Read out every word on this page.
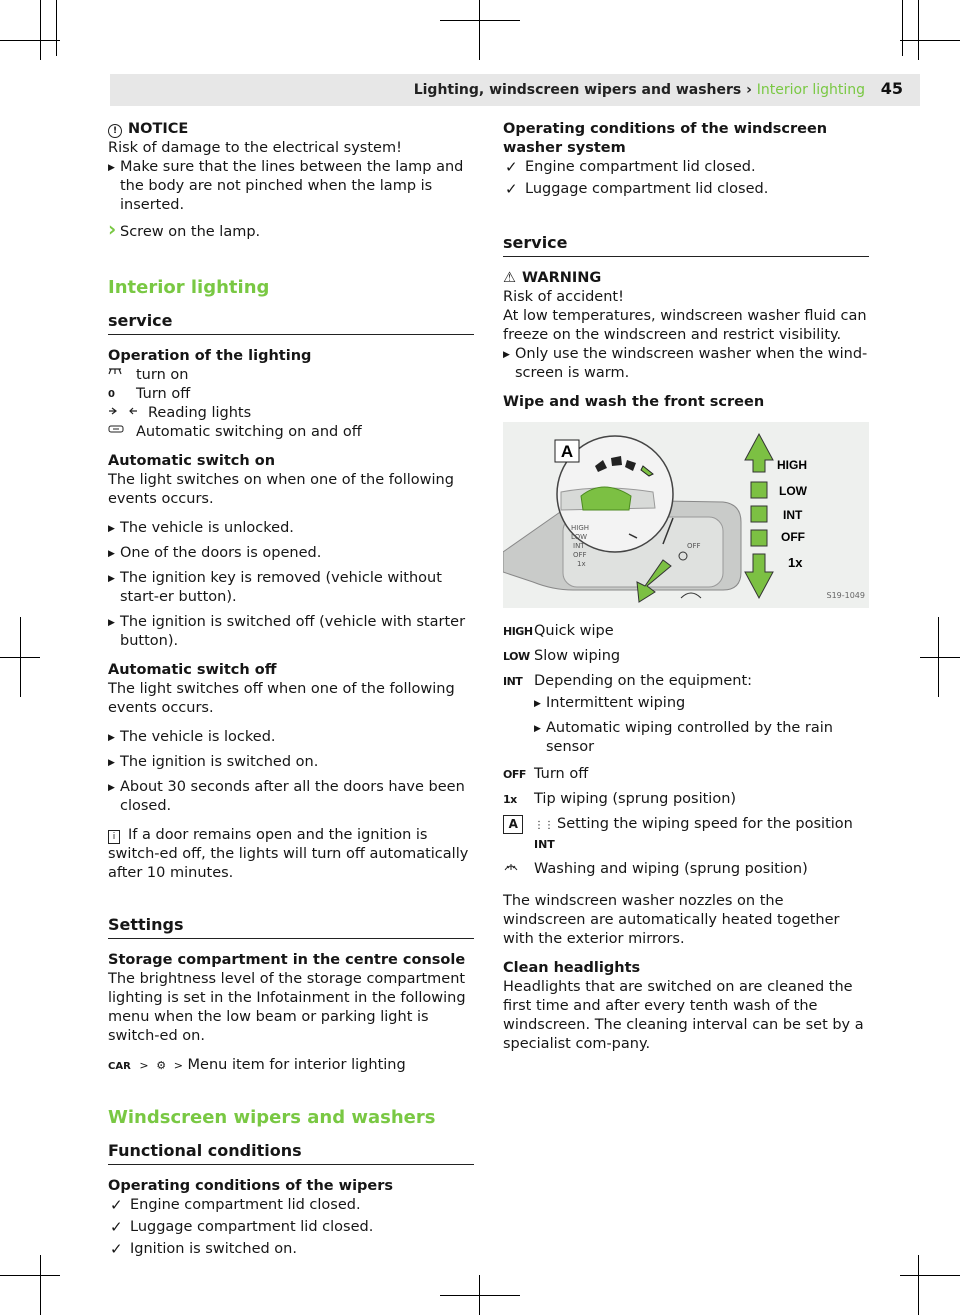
Lighting, windscreen wipers and washers › Interior lighting 45
! NOTICE

Risk of damage to the electrical system!

▶ Make sure that the lines between the lamp and the body are not pinched when the lamp is inserted.
› Screw on the lamp.
Interior lighting
service
Operation of the lighting
turn on
0	Turn off
Reading lights
Automatic switching on and off
Automatic switch on

The light switches on when one of the following events occurs.

▶ The vehicle is unlocked.
▶ One of the doors is opened.
▶ The ignition key is removed (vehicle without start-er button).
▶ The ignition is switched off (vehicle with starter button).
Automatic switch off

The light switches off when one of the following events occurs.

▶ The vehicle is locked.
▶ The ignition is switched on.
▶ About 30 seconds after all the doors have been closed.

i If a door remains open and the ignition is switch-ed off, the lights will turn off automatically after 10 minutes.

Settings
Storage compartment in the centre console

The brightness level of the storage compartment lighting is set in the Infotainment in the following menu when the low beam or parking light is switch-ed on.

CAR > ⚙ > Menu item for interior lighting

Windscreen wipers and washers
Functional conditions
Operating conditions of the wipers
✓ Engine compartment lid closed.
✓ Luggage compartment lid closed.
✓ Ignition is switched on.
Operating conditions of the windscreen washer system
✓ Engine compartment lid closed.
✓ Luggage compartment lid closed.
service
⚠ WARNING
Risk of accident!
At low temperatures, windscreen washer fluid can freeze on the windscreen and restrict visibility.
▶ Only use the windscreen washer when the wind-screen is warm.
Wipe and wash the front screen
A
HIGH
LOW
INT
OFF
1x
OFF
HIGH
LOW
INT
OFF
1x
S19-1049
HIGH Quick wipe
LOW Slow wiping
INT Depending on the equipment:
▶ Intermittent wiping
▶ Automatic wiping controlled by the rain sensor
OFF Turn off
1x	Tip wiping (sprung position)
A	⋮⋮ Setting the wiping speed for the position INT
Washing and wiping (sprung position)

The windscreen washer nozzles on the windscreen are automatically heated together with the exterior mirrors.

Clean headlights

Headlights that are switched on are cleaned the first time and after every tenth wash of the windscreen. The cleaning interval can be set by a specialist com-pany.
